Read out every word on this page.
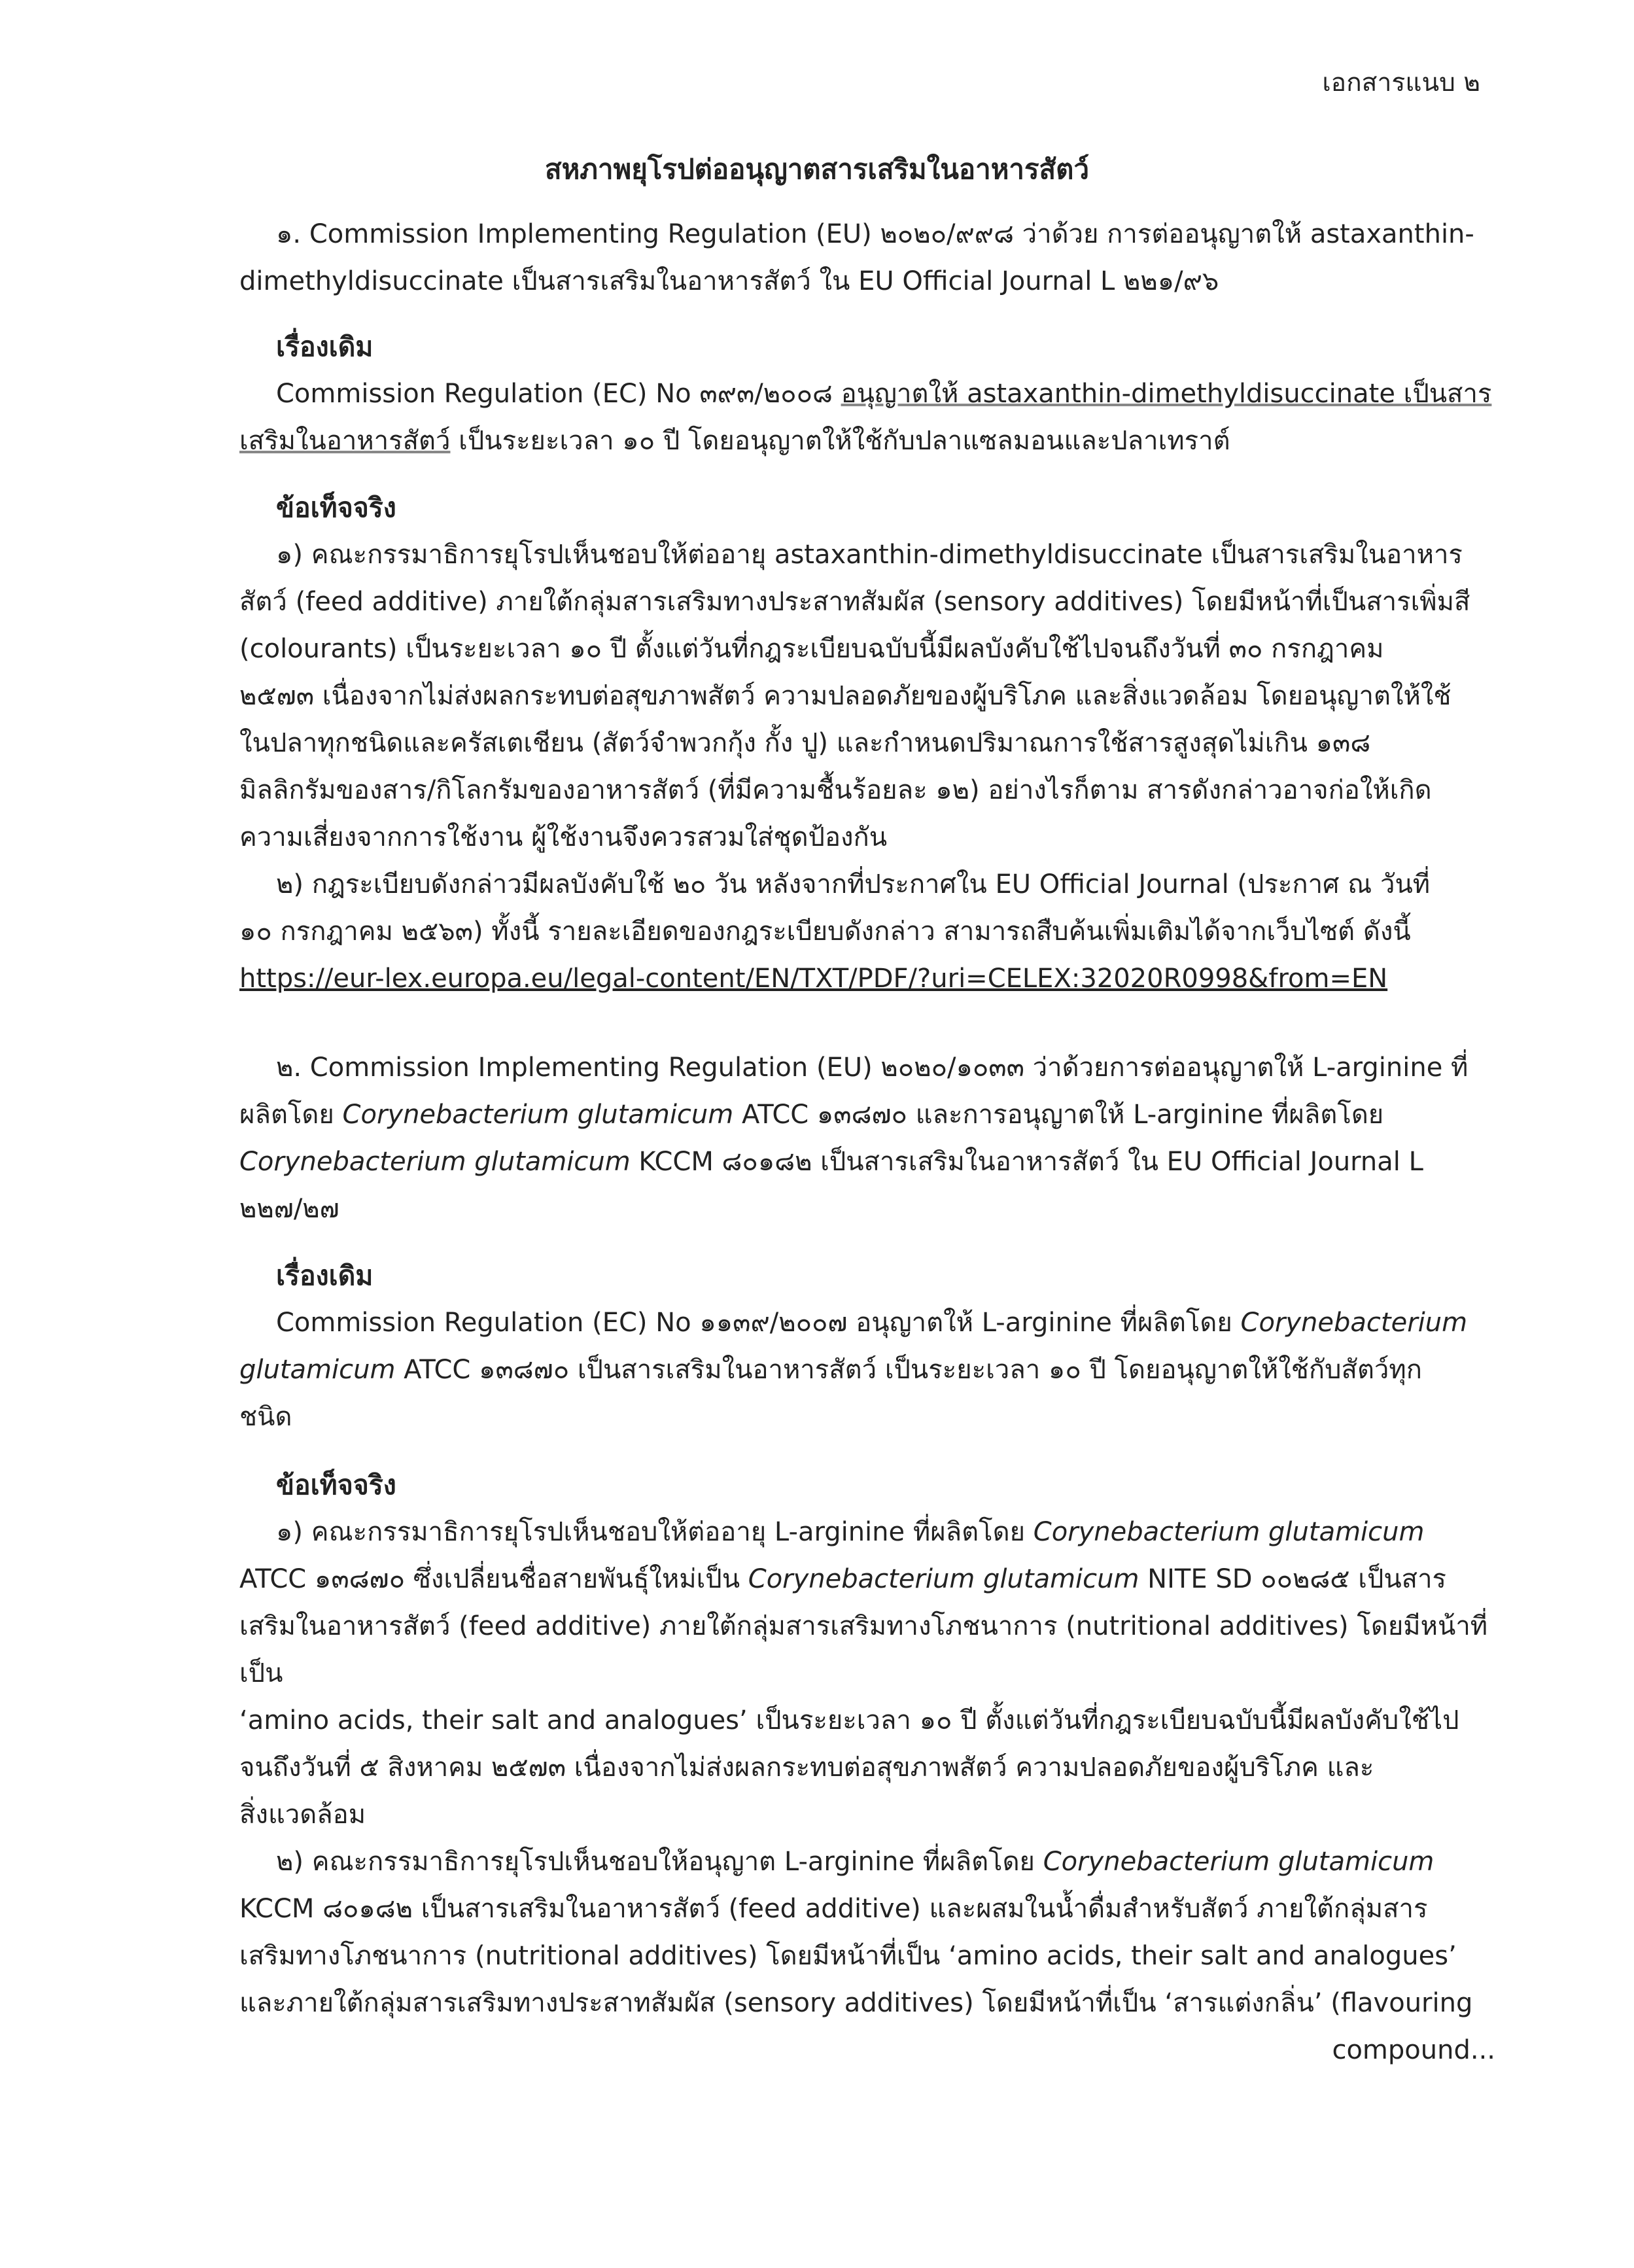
เอกสารแนบ ๒
สหภาพยุโรปต่ออนุญาตสารเสริมในอาหารสัตว์

๑. Commission Implementing Regulation (EU) ๒๐๒๐/๙๙๘ ว่าด้วย การต่ออนุญาตให้ astaxanthin-

dimethyldisuccinate เป็นสารเสริมในอาหารสัตว์ ใน EU Official Journal L ๒๒๑/๙๖

เรื่องเดิม

Commission Regulation (EC) No ๓๙๓/๒๐๐๘ อนุญาตให้ astaxanthin-dimethyldisuccinate เป็นสาร

เสริมในอาหารสัตว์ เป็นระยะเวลา ๑๐ ปี โดยอนุญาตให้ใช้กับปลาแซลมอนและปลาเทราต์

ข้อเท็จจริง

๑) คณะกรรมาธิการยุโรปเห็นชอบให้ต่ออายุ astaxanthin-dimethyldisuccinate เป็นสารเสริมในอาหาร

สัตว์ (feed additive) ภายใต้กลุ่มสารเสริมทางประสาทสัมผัส (sensory additives) โดยมีหน้าที่เป็นสารเพิ่มสี

(colourants) เป็นระยะเวลา ๑๐ ปี ตั้งแต่วันที่กฎระเบียบฉบับนี้มีผลบังคับใช้ไปจนถึงวันที่ ๓๐ กรกฎาคม

๒๕๗๓ เนื่องจากไม่ส่งผลกระทบต่อสุขภาพสัตว์ ความปลอดภัยของผู้บริโภค และสิ่งแวดล้อม โดยอนุญาตให้ใช้

ในปลาทุกชนิดและครัสเตเชียน (สัตว์จำพวกกุ้ง กั้ง ปู) และกำหนดปริมาณการใช้สารสูงสุดไม่เกิน ๑๓๘

มิลลิกรัมของสาร/กิโลกรัมของอาหารสัตว์ (ที่มีความชื้นร้อยละ ๑๒) อย่างไรก็ตาม สารดังกล่าวอาจก่อให้เกิด

ความเสี่ยงจากการใช้งาน ผู้ใช้งานจึงควรสวมใส่ชุดป้องกัน

๒) กฎระเบียบดังกล่าวมีผลบังคับใช้ ๒๐ วัน หลังจากที่ประกาศใน EU Official Journal (ประกาศ ณ วันที่

๑๐ กรกฎาคม ๒๕๖๓) ทั้งนี้ รายละเอียดของกฎระเบียบดังกล่าว สามารถสืบค้นเพิ่มเติมได้จากเว็บไซต์ ดังนี้

https://eur-lex.europa.eu/legal-content/EN/TXT/PDF/?uri=CELEX:32020R0998&from=EN

๒. Commission Implementing Regulation (EU) ๒๐๒๐/๑๐๓๓ ว่าด้วยการต่ออนุญาตให้ L-arginine ที่

ผลิตโดย Corynebacterium glutamicum ATCC ๑๓๘๗๐ และการอนุญาตให้ L-arginine ที่ผลิตโดย

Corynebacterium glutamicum KCCM ๘๐๑๘๒ เป็นสารเสริมในอาหารสัตว์ ใน EU Official Journal L

๒๒๗/๒๗

เรื่องเดิม

Commission Regulation (EC) No ๑๑๓๙/๒๐๐๗ อนุญาตให้ L-arginine ที่ผลิตโดย Corynebacterium

glutamicum ATCC ๑๓๘๗๐ เป็นสารเสริมในอาหารสัตว์ เป็นระยะเวลา ๑๐ ปี โดยอนุญาตให้ใช้กับสัตว์ทุก

ชนิด

ข้อเท็จจริง

๑) คณะกรรมาธิการยุโรปเห็นชอบให้ต่ออายุ L-arginine ที่ผลิตโดย Corynebacterium glutamicum

ATCC ๑๓๘๗๐ ซึ่งเปลี่ยนชื่อสายพันธุ์ใหม่เป็น Corynebacterium glutamicum NITE SD ๐๐๒๘๕ เป็นสาร

เสริมในอาหารสัตว์ (feed additive) ภายใต้กลุ่มสารเสริมทางโภชนาการ (nutritional additives) โดยมีหน้าที่เป็น

‘amino acids, their salt and analogues’ เป็นระยะเวลา ๑๐ ปี ตั้งแต่วันที่กฎระเบียบฉบับนี้มีผลบังคับใช้ไป

จนถึงวันที่ ๕ สิงหาคม ๒๕๗๓ เนื่องจากไม่ส่งผลกระทบต่อสุขภาพสัตว์ ความปลอดภัยของผู้บริโภค และ

สิ่งแวดล้อม

๒) คณะกรรมาธิการยุโรปเห็นชอบให้อนุญาต L-arginine ที่ผลิตโดย Corynebacterium glutamicum

KCCM ๘๐๑๘๒ เป็นสารเสริมในอาหารสัตว์ (feed additive) และผสมในน้ำดื่มสำหรับสัตว์ ภายใต้กลุ่มสาร

เสริมทางโภชนาการ (nutritional additives) โดยมีหน้าที่เป็น ‘amino acids, their salt and analogues’

และภายใต้กลุ่มสารเสริมทางประสาทสัมผัส (sensory additives) โดยมีหน้าที่เป็น ‘สารแต่งกลิ่น’ (flavouring

compound...
